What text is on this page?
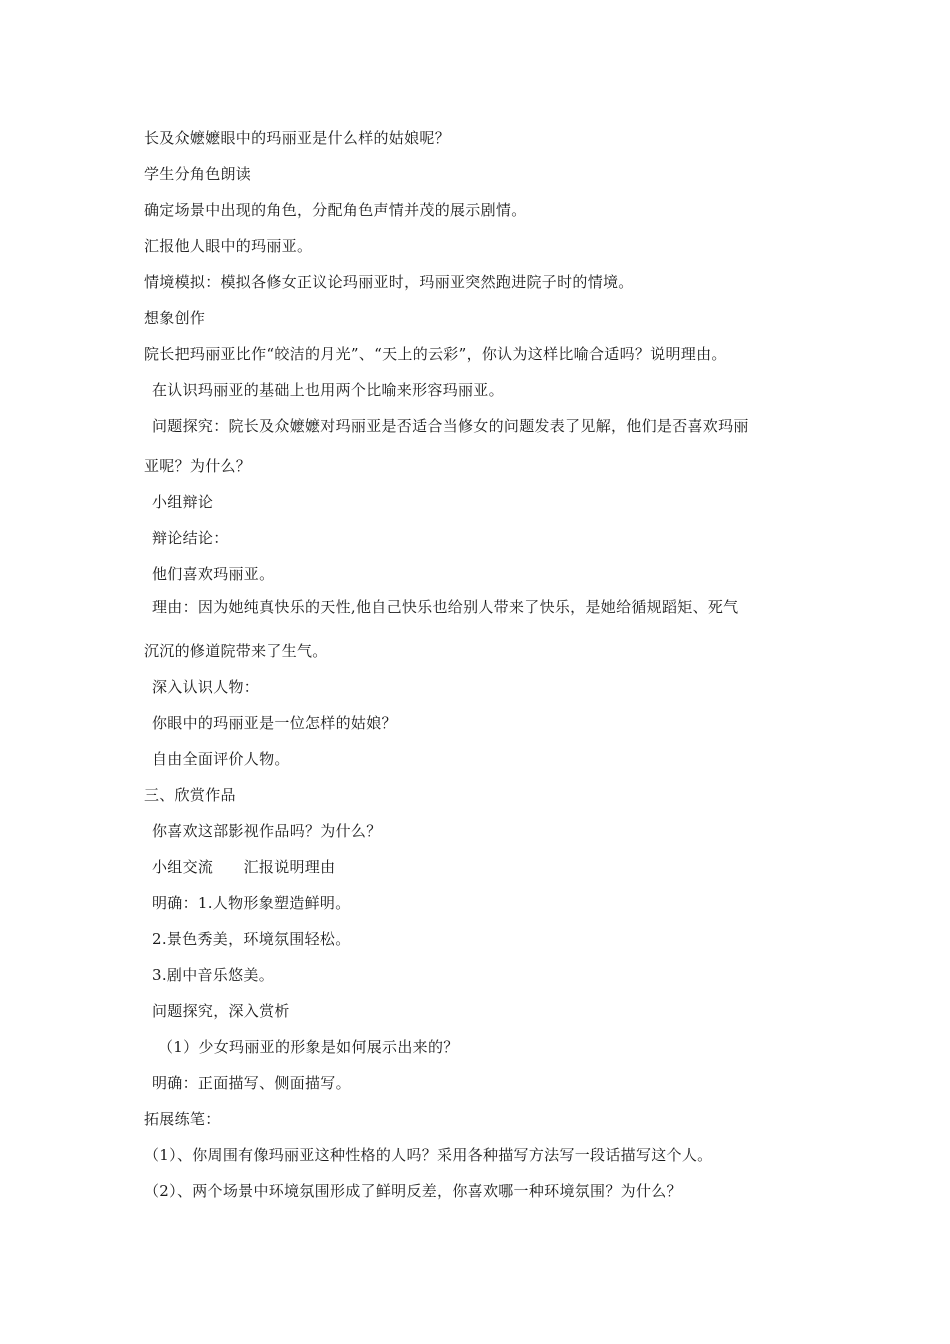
长及众嬷嬷眼中的玛丽亚是什么样的姑娘呢？
学生分角色朗读
确定场景中出现的角色，分配角色声情并茂的展示剧情。
汇报他人眼中的玛丽亚。
情境模拟：模拟各修女正议论玛丽亚时，玛丽亚突然跑进院子时的情境。
想象创作
院长把玛丽亚比作“皎洁的月光”、“天上的云彩”，你认为这样比喻合适吗？说明理由。
在认识玛丽亚的基础上也用两个比喻来形容玛丽亚。
问题探究：院长及众嬷嬷对玛丽亚是否适合当修女的问题发表了见解，他们是否喜欢玛丽
亚呢？为什么？
小组辩论
辩论结论：
他们喜欢玛丽亚。
理由：因为她纯真快乐的天性,他自己快乐也给别人带来了快乐，是她给循规蹈矩、死气
沉沉的修道院带来了生气。
深入认识人物：
你眼中的玛丽亚是一位怎样的姑娘？
自由全面评价人物。
三、欣赏作品
你喜欢这部影视作品吗？为什么？
小组交流      汇报说明理由
明确：1.人物形象塑造鲜明。
2.景色秀美，环境氛围轻松。
3.剧中音乐悠美。
问题探究，深入赏析
（1）少女玛丽亚的形象是如何展示出来的？
明确：正面描写、侧面描写。
拓展练笔：
（1）、你周围有像玛丽亚这种性格的人吗？采用各种描写方法写一段话描写这个人。
（2）、两个场景中环境氛围形成了鲜明反差，你喜欢哪一种环境氛围？为什么？
